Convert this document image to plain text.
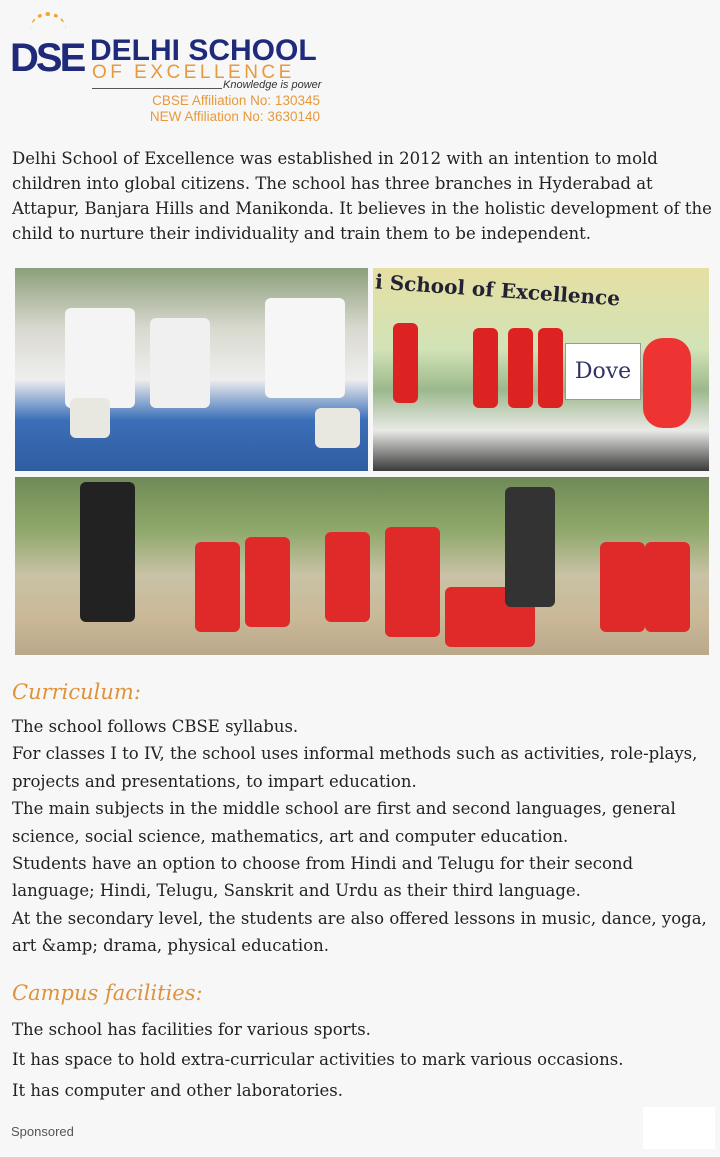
DSE DELHI SCHOOL
OF EXCELLENCE
Knowledge is power
CBSE Affiliation No: 130345
NEW Affiliation No: 3630140
Delhi School of Excellence was established in 2012 with an intention to mold children into global citizens. The school has three branches in Hyderabad at Attapur, Banjara Hills and Manikonda. It believes in the holistic development of the child to nurture their individuality and train them to be independent.
i School of Excellence
Dove
Curriculum:

The school follows CBSE syllabus.

For classes I to IV, the school uses informal methods such as activities, role-plays, projects and presentations, to impart education.

The main subjects in the middle school are first and second languages, general science, social science, mathematics, art and computer education.

Students have an option to choose from Hindi and Telugu for their second language; Hindi, Telugu, Sanskrit and Urdu as their third language.

At the secondary level, the students are also offered lessons in music, dance, yoga, art &amp; drama, physical education.

Campus facilities:

The school has facilities for various sports.

It has space to hold extra-curricular activities to mark various occasions.

It has computer and other laboratories.

Sponsored
